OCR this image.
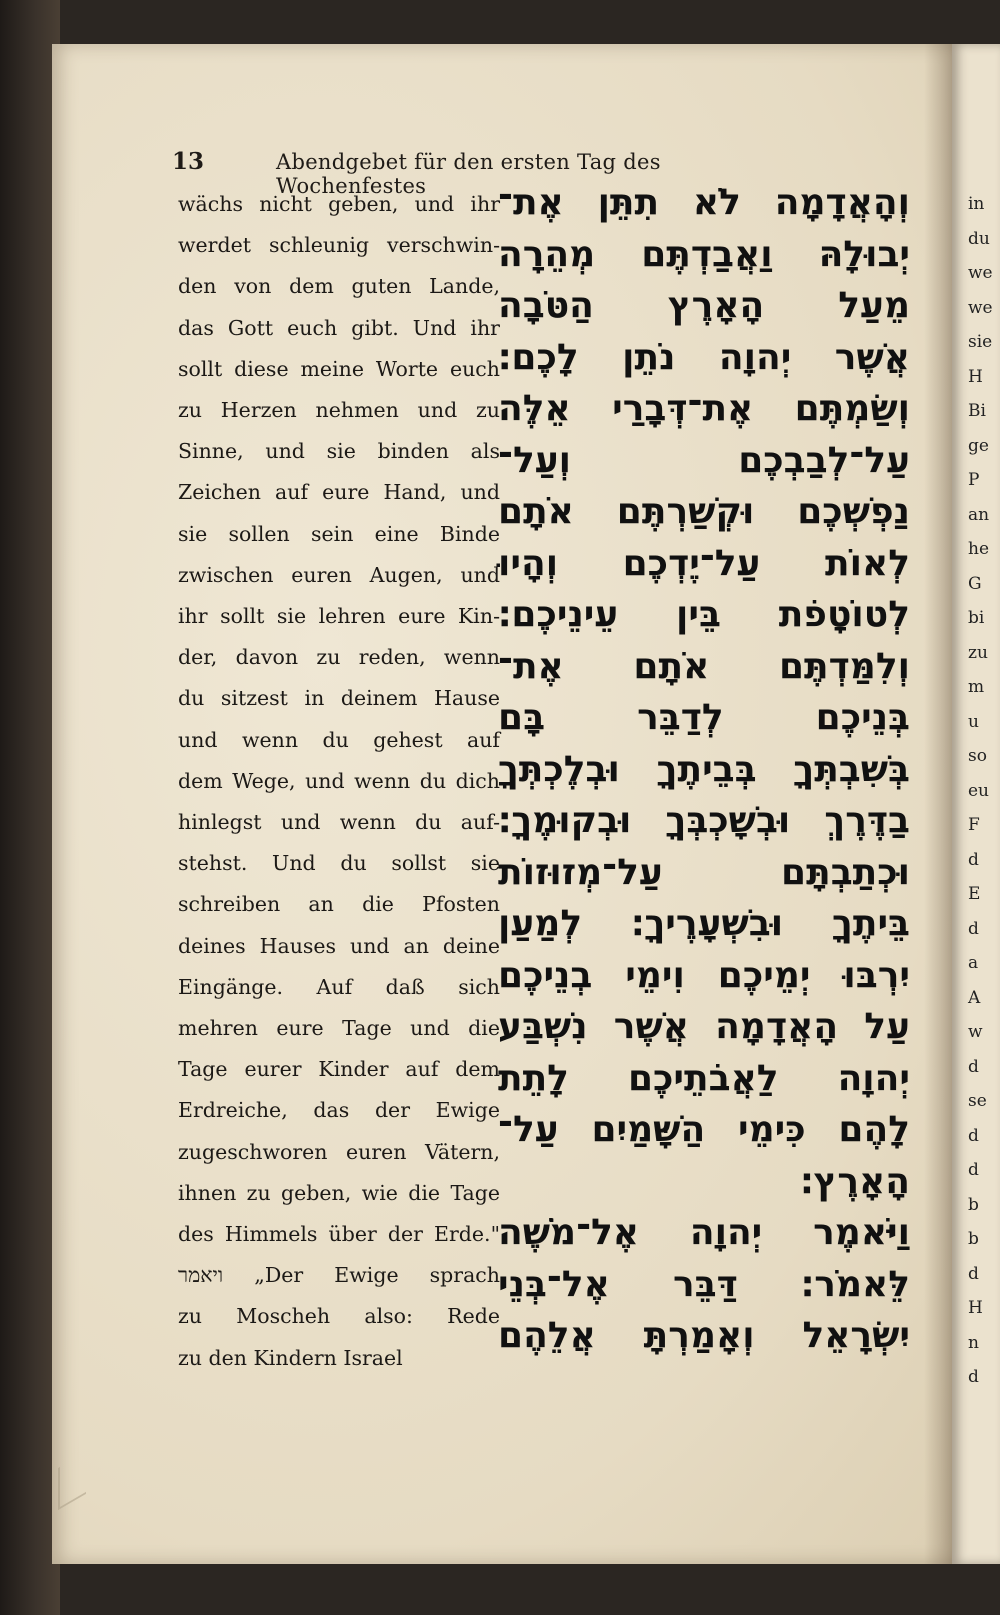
in
du
we
we
sie
H
Bi
ge
P
an
he
G
bi
zu
m
u
so
eu
F
d
E
d
a
A
w
d
se
d
d
b
b
d
H
n
d
13	Abendgebet für den ersten Tag des Wochenfestes
wächs nicht geben, und ihr
werdet schleunig verschwin-
den von dem guten Lande,
das Gott euch gibt. Und ihr
sollt diese meine Worte euch
zu Herzen nehmen und zu
Sinne, und sie binden als
Zeichen auf eure Hand, und
sie sollen sein eine Binde
zwischen euren Augen, und
ihr sollt sie lehren eure Kin-
der, davon zu reden, wenn
du sitzest in deinem Hause
und wenn du gehest auf
dem Wege, und wenn du dich
hinlegst und wenn du auf-
stehst. Und du sollst sie
schreiben an die Pfosten
deines Hauses und an deine
Eingänge. Auf daß sich
mehren eure Tage und die
Tage eurer Kinder auf dem
Erdreiche, das der Ewige
zugeschworen euren Vätern,
ihnen zu geben, wie die Tage
des Himmels über der Erde."
ויאמר „Der Ewige sprach
zu Moscheh also: Rede
zu den Kindern Israel
וְהָאֲדָמָה לֹא תִתֵּן אֶת־
יְבוּלָהּ וַאֲבַדְתֶּם מְהֵרָה
מֵעַל הָאָרֶץ הַטֹּבָה
אֲשֶׁר יְהוָה נֹתֵן לָכֶם׃
וְשַׂמְתֶּם אֶת־דְּבָרַי אֵלֶּה
עַל־לְבַבְכֶם וְעַל־
נַפְשְׁכֶם וּקְשַׁרְתֶּם אֹתָם
לְאוֹת עַל־יֶדְכֶם וְהָיוּ
לְטוֹטָפֹת בֵּין עֵינֵיכֶם׃
וְלִמַּדְתֶּם אֹתָם אֶת־
בְּנֵיכֶם לְדַבֵּר בָּם
בְּשִׁבְתְּךָ בְּבֵיתֶךָ וּבְלֶכְתְּךָ
בַדֶּרֶךְ וּבְשָׁכְבְּךָ וּבְקוּמֶךָ׃
וּכְתַבְתָּם עַל־מְזוּזוֹת
בֵּיתֶךָ וּבִשְׁעָרֶיךָ׃ לְמַעַן
יִרְבּוּ יְמֵיכֶם וִימֵי בְנֵיכֶם
עַל הָאֲדָמָה אֲשֶׁר נִשְׁבַּע
יְהוָה לַאֲבֹתֵיכֶם לָתֵת
לָהֶם כִּימֵי הַשָּׁמַיִם עַל־
הָאָרֶץ׃
וַיֹּאמֶר יְהוָה אֶל־מֹשֶׁה
לֵּאמֹר׃ דַּבֵּר אֶל־בְּנֵי
יִשְׂרָאֵל וְאָמַרְתָּ אֲלֵהֶם
